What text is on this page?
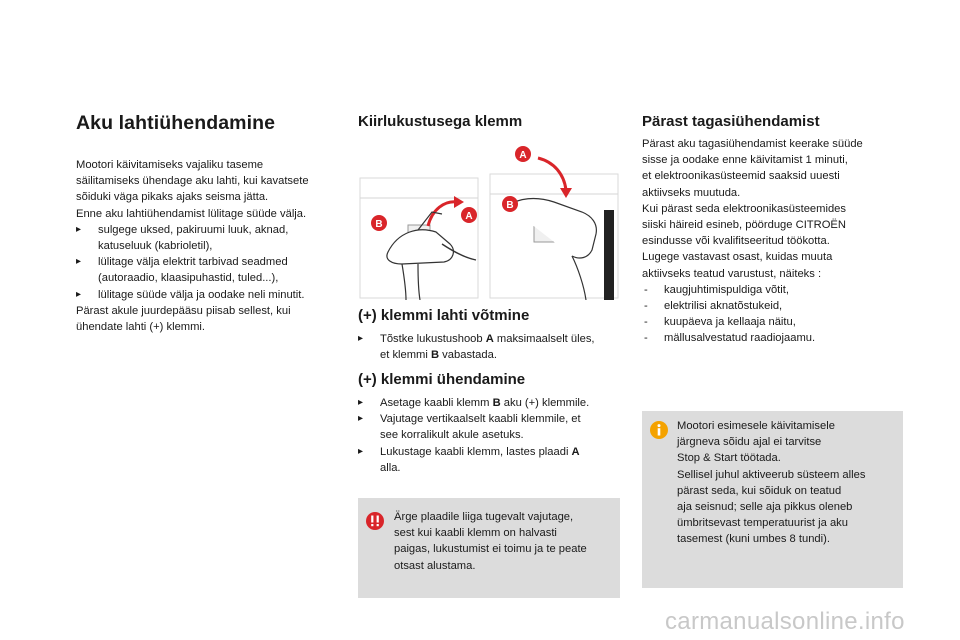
Aku lahtiühendamine
Mootori käivitamiseks vajaliku taseme
säilitamiseks ühendage aku lahti, kui kavatsete
sõiduki väga pikaks ajaks seisma jätta.
Enne aku lahtiühendamist lülitage süüde välja.
▸ sulgege uksed, pakiruumi luuk, aknad,
katuseluuk (kabrioletil),
▸ lülitage välja elektrit tarbivad seadmed
(autoraadio, klaasipuhastid, tuled...),
▸ lülitage süüde välja ja oodake neli minutit.
Pärast akule juurdepääsu piisab sellest, kui
ühendate lahti (+) klemmi.
Kiirlukustusega klemm
(+) klemmi lahti võtmine
▸ Tõstke lukustushoob A maksimaalselt üles,
et klemmi B vabastada.
(+) klemmi ühendamine
▸ Asetage kaabli klemm B aku (+) klemmile.
▸ Vajutage vertikaalselt kaabli klemmile, et
see korralikult akule asetuks.
▸ Lukustage kaabli klemm, lastes plaadi A
alla.
A
B
A
B
Ärge plaadile liiga tugevalt vajutage,
sest kui kaabli klemm on halvasti
paigas, lukustumist ei toimu ja te peate
otsast alustama.
Pärast tagasiühendamist
Pärast aku tagasiühendamist keerake süüde
sisse ja oodake enne käivitamist 1 minuti,
et elektroonikasüsteemid saaksid uuesti
aktiivseks muutuda.
Kui pärast seda elektroonikasüsteemides
siiski häireid esineb, pöörduge CITROËN
esindusse või kvalifitseeritud töökotta.
Lugege vastavast osast, kuidas muuta
aktiivseks teatud varustust, näiteks :
- kaugjuhtimispuldiga võtit,
- elektrilisi aknatõstukeid,
- kuupäeva ja kellaaja näitu,
- mällusalvestatud raadiojaamu.
Mootori esimesele käivitamisele
järgneva sõidu ajal ei tarvitse
Stop & Start töötada.
Sellisel juhul aktiveerub süsteem alles
pärast seda, kui sõiduk on teatud
aja seisnud; selle aja pikkus oleneb
ümbritsevast temperatuurist ja aku
tasemest (kuni umbes 8 tundi).
carmanualsonline.info
